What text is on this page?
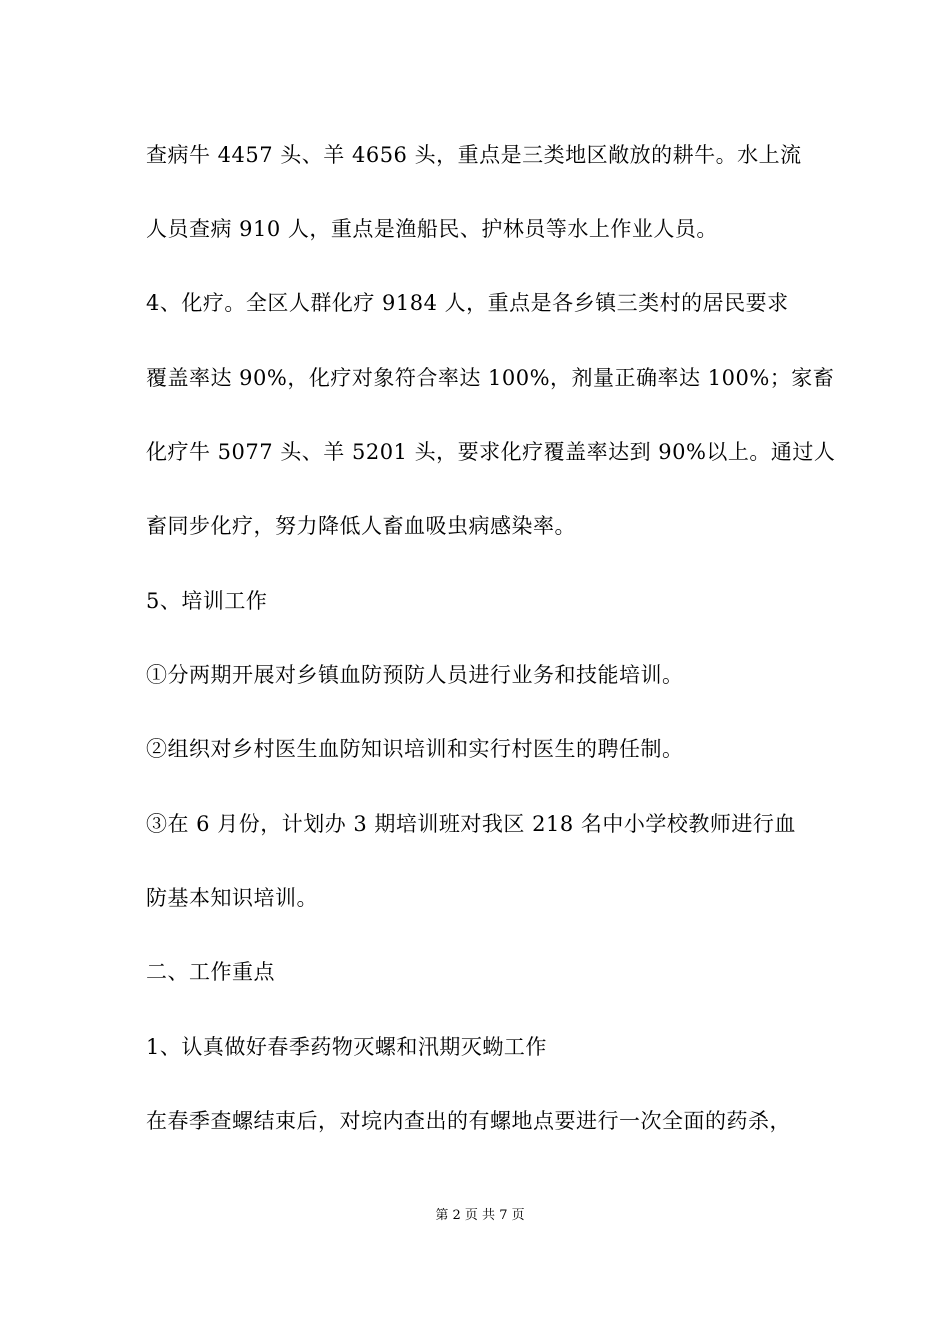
查病牛 4457 头、羊 4656 头，重点是三类地区敞放的耕牛。水上流
人员查病 910 人，重点是渔船民、护林员等水上作业人员。
4、化疗。全区人群化疗 9184 人，重点是各乡镇三类村的居民要求
覆盖率达 90%，化疗对象符合率达 100%，剂量正确率达 100%；家畜
化疗牛 5077 头、羊 5201 头，要求化疗覆盖率达到 90%以上。通过人
畜同步化疗，努力降低人畜血吸虫病感染率。
5、培训工作
①分两期开展对乡镇血防预防人员进行业务和技能培训。
②组织对乡村医生血防知识培训和实行村医生的聘任制。
③在 6 月份，计划办 3 期培训班对我区 218 名中小学校教师进行血
防基本知识培训。
二、工作重点
1、认真做好春季药物灭螺和汛期灭蚴工作
在春季查螺结束后，对垸内查出的有螺地点要进行一次全面的药杀，
第 2 页 共 7 页
